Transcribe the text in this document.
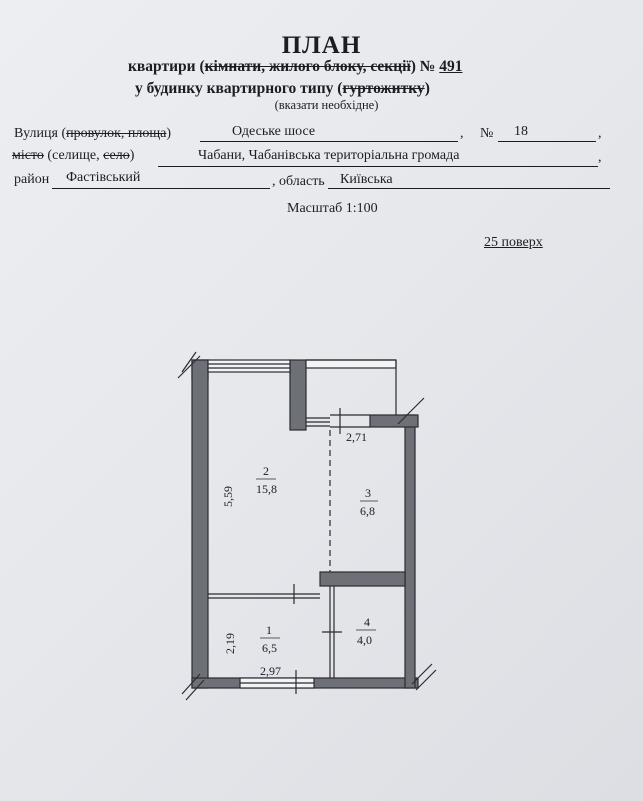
ПЛАН
квартири (кімнати, жилого блоку, секції) № 491
у будинку квартирного типу (гуртожитку)
(вказати необхідне)
Вулиця (провулок, площа)	Одеське шосе	, № 18	,
місто (селище, село)	Чабани, Чабанівська територіальна громада	,
район Фастівський	, область Київська
Масштаб 1:100
25 поверх
2
15,8	3
6,8
1
6,5
4
4,0
2,71
2,97
5,59
2,19
